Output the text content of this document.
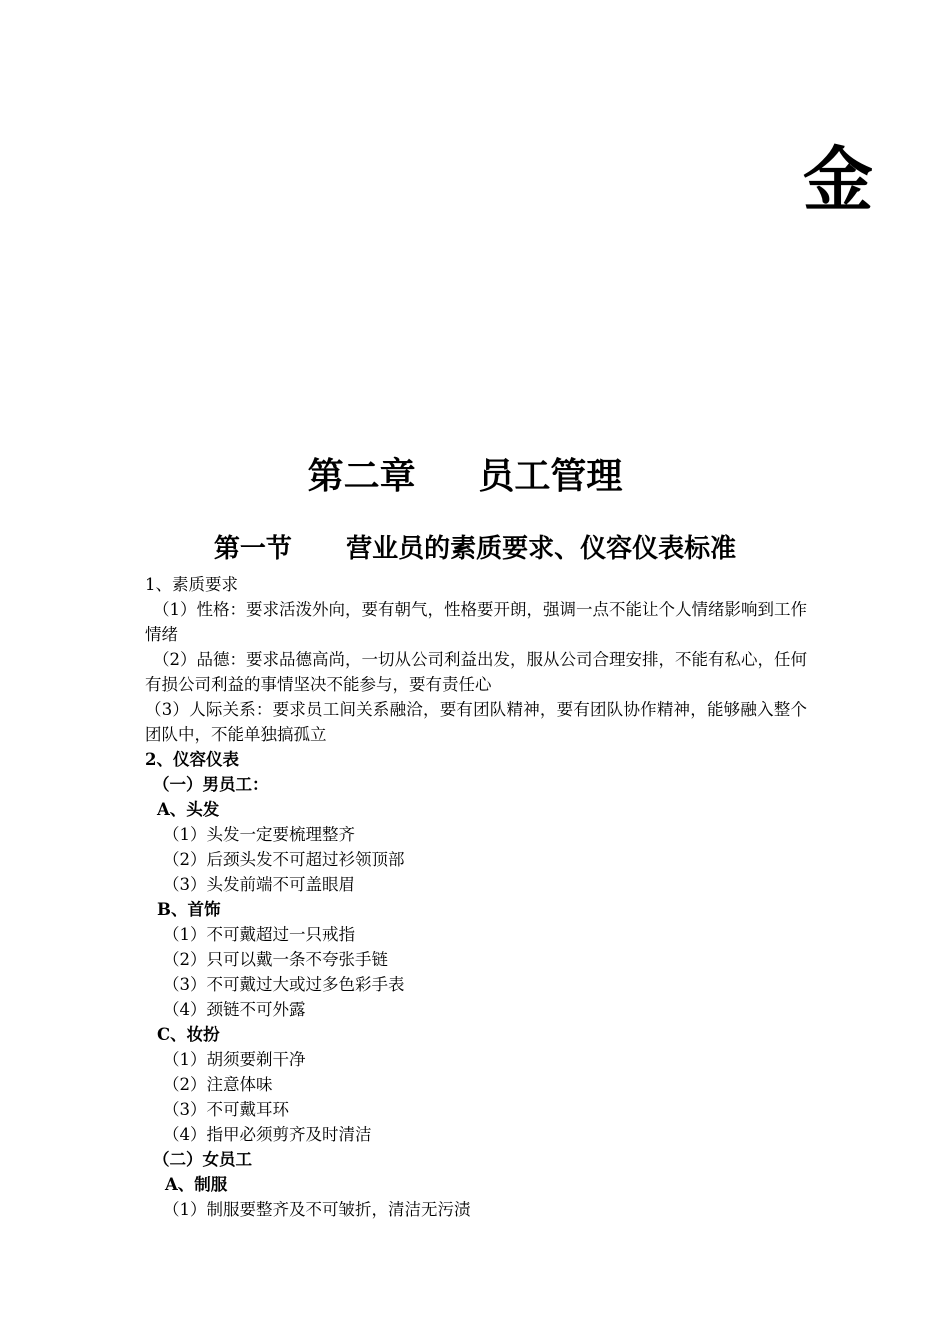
金
第二章     员工管理
第一节      营业员的素质要求、仪容仪表标准
1、素质要求
（1）性格：要求活泼外向，要有朝气，性格要开朗，强调一点不能让个人情绪影响到工作情绪
（2）品德：要求品德高尚，一切从公司利益出发，服从公司合理安排，不能有私心，任何有损公司利益的事情坚决不能参与，要有责任心
（3）人际关系：要求员工间关系融洽，要有团队精神，要有团队协作精神，能够融入整个团队中，不能单独搞孤立
2、仪容仪表
（一）男员工：
A、头发
（1）头发一定要梳理整齐
（2）后颈头发不可超过衫领顶部
（3）头发前端不可盖眼眉
B、首饰
（1）不可戴超过一只戒指
（2）只可以戴一条不夸张手链
（3）不可戴过大或过多色彩手表
（4）颈链不可外露
C、妆扮
（1）胡须要剃干净
（2）注意体味
（3）不可戴耳环
（4）指甲必须剪齐及时清洁
（二）女员工
A、制服
（1）制服要整齐及不可皱折，清洁无污渍
